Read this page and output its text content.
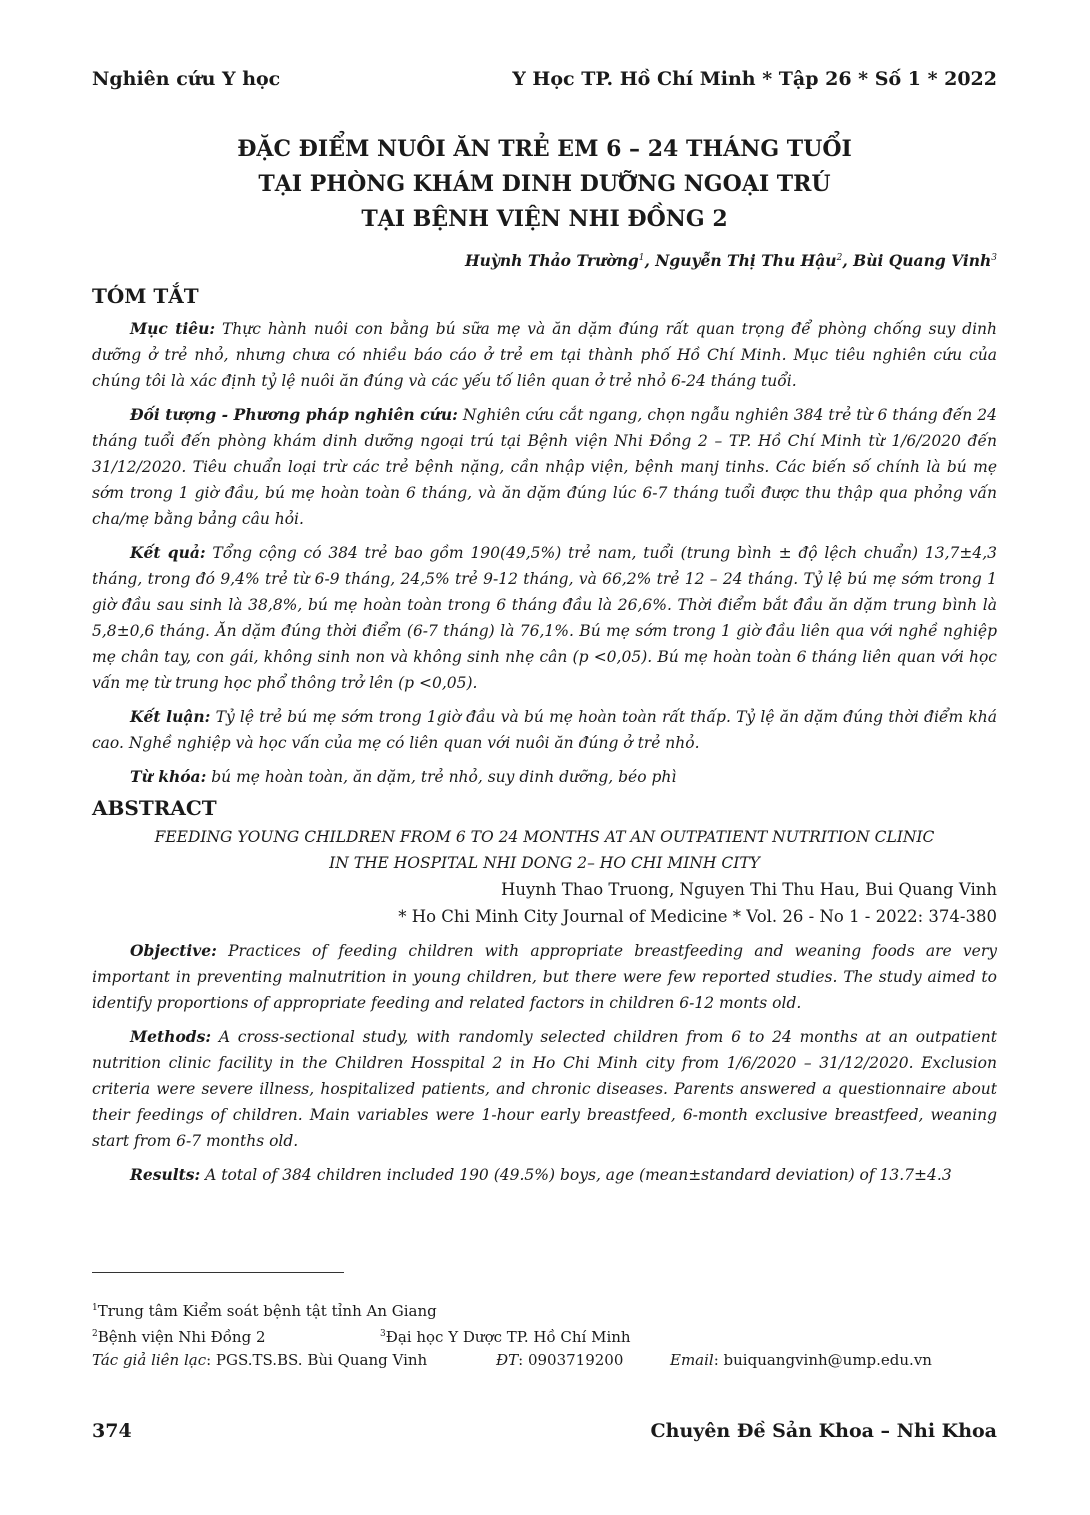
Nghiên cứu Y học	Y Học TP. Hồ Chí Minh * Tập 26 * Số 1 * 2022
ĐẶC ĐIỂM NUÔI ĂN TRẺ EM 6 – 24 THÁNG TUỔI
TẠI PHÒNG KHÁM DINH DƯỠNG NGOẠI TRÚ
TẠI BỆNH VIỆN NHI ĐỒNG 2
Huỳnh Thảo Trường$^1$, Nguyễn Thị Thu Hậu$^2$, Bùi Quang Vinh$^3$
TÓM TẮT

Mục tiêu: Thực hành nuôi con bằng bú sữa mẹ và ăn dặm đúng rất quan trọng để phòng chống suy dinh dưỡng ở trẻ nhỏ, nhưng chưa có nhiều báo cáo ở trẻ em tại thành phố Hồ Chí Minh. Mục tiêu nghiên cứu của chúng tôi là xác định tỷ lệ nuôi ăn đúng và các yếu tố liên quan ở trẻ nhỏ 6-24 tháng tuổi.

Đối tượng - Phương pháp nghiên cứu: Nghiên cứu cắt ngang, chọn ngẫu nghiên 384 trẻ từ 6 tháng đến 24 tháng tuổi đến phòng khám dinh dưỡng ngoại trú tại Bệnh viện Nhi Đồng 2 – TP. Hồ Chí Minh từ 1/6/2020 đến 31/12/2020. Tiêu chuẩn loại trừ các trẻ bệnh nặng, cần nhập viện, bệnh manj tinhs. Các biến số chính là bú mẹ sớm trong 1 giờ đầu, bú mẹ hoàn toàn 6 tháng, và ăn dặm đúng lúc 6-7 tháng tuổi được thu thập qua phỏng vấn cha/mẹ bằng bảng câu hỏi.

Kết quả: Tổng cộng có 384 trẻ bao gồm 190(49,5%) trẻ nam, tuổi (trung bình ± độ lệch chuẩn) 13,7±4,3 tháng, trong đó 9,4% trẻ từ 6-9 tháng, 24,5% trẻ 9-12 tháng, và 66,2% trẻ 12 – 24 tháng. Tỷ lệ bú mẹ sớm trong 1 giờ đầu sau sinh là 38,8%, bú mẹ hoàn toàn trong 6 tháng đầu là 26,6%. Thời điểm bắt đầu ăn dặm trung bình là 5,8±0,6 tháng. Ăn dặm đúng thời điểm (6-7 tháng) là 76,1%. Bú mẹ sớm trong 1 giờ đầu liên qua với nghề nghiệp mẹ chân tay, con gái, không sinh non và không sinh nhẹ cân (p <0,05). Bú mẹ hoàn toàn 6 tháng liên quan với học vấn mẹ từ trung học phổ thông trở lên (p <0,05).

Kết luận: Tỷ lệ trẻ bú mẹ sớm trong 1giờ đầu và bú mẹ hoàn toàn rất thấp. Tỷ lệ ăn dặm đúng thời điểm khá cao. Nghề nghiệp và học vấn của mẹ có liên quan với nuôi ăn đúng ở trẻ nhỏ.

Từ khóa: bú mẹ hoàn toàn, ăn dặm, trẻ nhỏ, suy dinh dưỡng, béo phì

ABSTRACT
FEEDING YOUNG CHILDREN FROM 6 TO 24 MONTHS AT AN OUTPATIENT NUTRITION CLINIC
IN THE HOSPITAL NHI DONG 2– HO CHI MINH CITY
Huynh Thao Truong, Nguyen Thi Thu Hau, Bui Quang Vinh
* Ho Chi Minh City Journal of Medicine * Vol. 26 - No 1 - 2022: 374-380

Objective: Practices of feeding children with appropriate breastfeeding and weaning foods are very important in preventing malnutrition in young children, but there were few reported studies. The study aimed to identify proportions of appropriate feeding and related factors in children 6-12 monts old.

Methods: A cross-sectional study, with randomly selected children from 6 to 24 months at an outpatient nutrition clinic facility in the Children Hosspital 2 in Ho Chi Minh city from 1/6/2020 – 31/12/2020. Exclusion criteria were severe illness, hospitalized patients, and chronic diseases. Parents answered a questionnaire about their feedings of children. Main variables were 1-hour early breastfeed, 6-month exclusive breastfeed, weaning start from 6-7 months old.

Results: A total of 384 children included 190 (49.5%) boys, age (mean±standard deviation) of 13.7±4.3

$^1$Trung tâm Kiểm soát bệnh tật tỉnh An Giang
$^2$Bệnh viện Nhi Đồng 2	$^3$Đại học Y Dược TP. Hồ Chí Minh
Tác giả liên lạc: PGS.TS.BS. Bùi Quang Vinh	ĐT: 0903719200	Email: buiquangvinh@ump.edu.vn
374	Chuyên Đề Sản Khoa – Nhi Khoa
